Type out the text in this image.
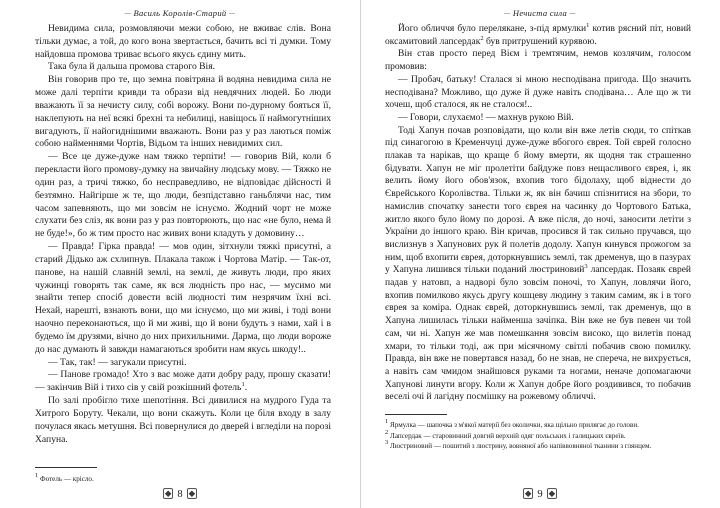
— Василь Королів-Старий —

Невидима сила, розмовляючи межи собою, не вживає слів. Вона тільки думає, а той, до кого вона звертається, бачить всі ті думки. Тому найдовша промова триває всього якусь єдину мить.

Така була й дальша промова старого Вія.

Він говорив про те, що земна повітряна й водяна невидима сила не може далі терпіти кривди та образи від невдячних людей. Бо люди вважають її за нечисту силу, собі ворожу. Вони по-дурному бояться її, наклепують на неї всякі брехні та небилиці, навіщось її наймогутніших вигадують, її найогиднішими вважають. Вони раз у раз лаються поміж собою найменнями Чортів, Відьом та інших невидимих сил.

— Все це дуже-дуже нам тяжко терпіти! — говорив Вій, коли б перекласти його промову-думку на звичайну людську мову. — Тяжко не один раз, а тричі тяжко, бо несправедливо, не відповідає дійсності й безтямно. Найгірше ж те, що люди, безпідставно ганьблячи нас, тим часом запевняють, що ми зовсім не існуємо. Жодний чорт не може слухати без сліз, як вони раз у раз повторюють, що нас «не було, нема й не буде!», бо ж тим просто нас живих вони кладуть у домовину…

— Правда! Гірка правда! — мов один, зітхнули тяжкі присутні, а старий Дідько аж схлипнув. Плакала також і Чортова Матір. — Так-от, панове, на нашій славній землі, на землі, де живуть люди, про яких чужинці говорять так саме, як вся людність про нас, — мусимо ми знайти тепер спосіб довести всій людності тим незрячим їхні всі. Нехай, нарешті, взнають вони, що ми існуємо, що ми живі, і тоді вони наочно переконаються, що й ми живі, що й вони будуть з нами, хай і в будемо їм друзями, вічно до них прихильними. Дарма, що люди вороже до нас думають й завжди намагаються зробити нам якусь шкоду!..

— Так, так! — загукали присутні.

— Панове громадо! Хто з вас може дати добру раду, прошу сказати! — закінчив Вій і тихо сів у свій розкішний фотель$^1$.

По залі пробігло тихе шепотіння. Всі дивилися на мудрого Гуда та Хитрого Боруту. Чекали, що вони скажуть. Коли це біля входу в залу почулася якась метушня. Всі повернулися до дверей і вгледіли на порозі Хапуна.

$^1$ Фотель — крісло.

◆ 8 ◆
— Нечиста сила —

Його обличчя було перелякане, з-під ярмулки$^1$ котив рясний піт, новий оксамитовий лапсердак$^2$ був притрушений курявою.

Він став просто перед Вієм і тремтячим, немов козлячим, голосом промовив:

— Пробач, батьку! Сталася зі мною несподівана пригода. Що значить несподівана? Можливо, що дуже й дуже навіть сподівана… Але що ж ти хочеш, щоб сталося, як не сталося!..

— Говори, слухаємо! — махнув рукою Вій.

Тоді Хапун почав розповідати, що коли він вже летів сюди, то спіткав під синагогою в Кременчуці дуже-дуже вбогого єврея. Той єврей голосно плакав та нарікав, що краще б йому вмерти, як щодня так страшенно бідувати. Хапун не міг пролетіти байдуже повз нещасливого єврея, і, як велить йому його обов'язок, вхопив того бідолаху, щоб віднести до Єврейського Королівства. Тільки ж, як він бачиш спізнитися на збори, то намислив спочатку занести того єврея на часинку до Чортового Батька, житло якого було йому по дорозі. А вже після, до ночі, заносити летіти з України до іншого краю. Він кричав, просився й так сильно пручався, що вислизнув з Хапунових рук й полетів додолу. Хапун кинувся прожогом за ним, щоб вхопити єврея, доторкнувшись землі, так дременув, що в пазурах у Хапуна лишився тільки поданий люстриновий$^3$ лапсердак. Позаяк єврей падав у натовп, а надворі було зовсім поночі, то Хапун, ловлячи його, вхопив помилково якусь другу кошцеву людину з таким самим, як і в того єврея за коміра. Однак єврей, доторкнувшись землі, так дременув, що в Хапуна лишилась тільки найменша зачіпка. Він вже не був певен чи той сам, чи ні. Хапун же мав помешкання зовсім високо, що вилетів понад хмари, то тільки тоді, аж при місячному світлі побачив свою помилку. Правда, він вже не повертався назад, бо не знав, не спереча, не вихрується, а навіть сам чмидом знайшовся руками та ногами, неначе допомагаючи Хапунові линути вгору. Коли ж Хапун добре його роздивився, то побачив веселі очі й лагідну посмішку на рожевому обличчі.

$^1$ Ярмулка — шапочка з м'якої матерії без околички, яка щільно прилягає до голови.

$^2$ Лапсердак — старовинний довгий верхній одяг польських і галицьких євреїв.

$^3$ Люстриновий — пошитий з люстрину, вовняної або напіввовняної тканини з глянцем.

◆ 9 ◆
